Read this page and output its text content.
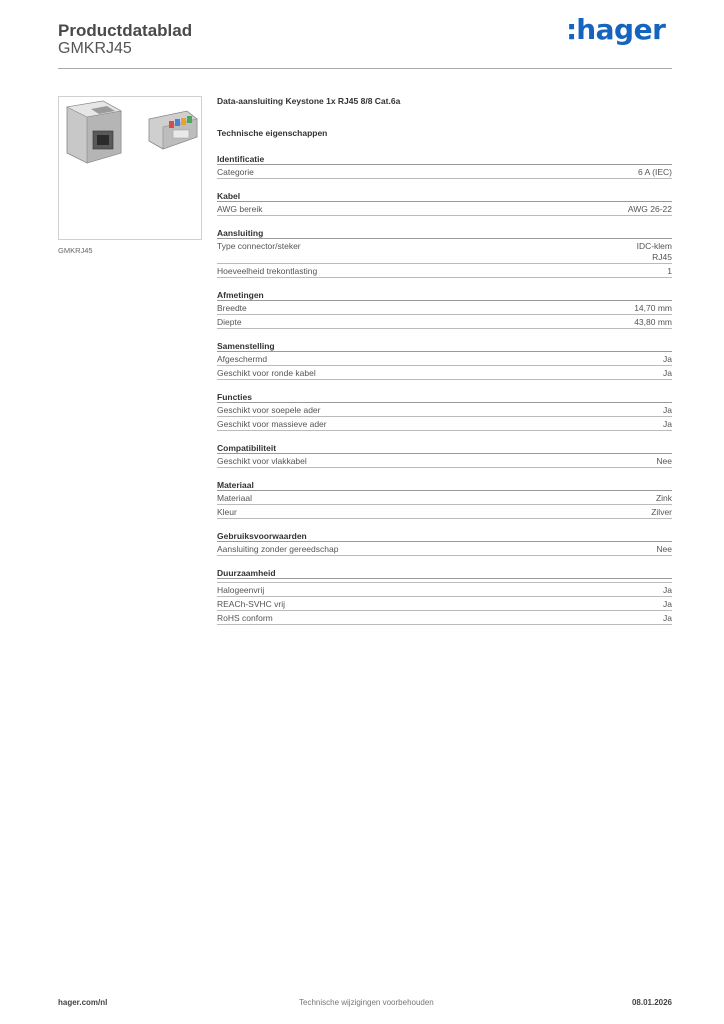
Productdatablad
GMKRJ45
:hager
GMKRJ45
Data-aansluiting Keystone 1x RJ45 8/8 Cat.6a
Technische eigenschappen
Identificatie
Categorie	6 A (IEC)
Kabel
AWG bereik	AWG 26-22
Aansluiting
Type connector/steker	IDC-klem
RJ45
Hoeveelheid trekontlasting	1
Afmetingen
Breedte	14,70 mm
Diepte	43,80 mm
Samenstelling
Afgeschermd	Ja
Geschikt voor ronde kabel	Ja
Functies
Geschikt voor soepele ader	Ja
Geschikt voor massieve ader	Ja
Compatibiliteit
Geschikt voor vlakkabel	Nee
Materiaal
Materiaal	Zink
Kleur	Zilver
Gebruiksvoorwaarden
Aansluiting zonder gereedschap	Nee
Duurzaamheid
Halogeenvrij	Ja
REACh-SVHC vrij	Ja
RoHS conform	Ja
hager.com/nl	Technische wijzigingen voorbehouden	08.01.2026
